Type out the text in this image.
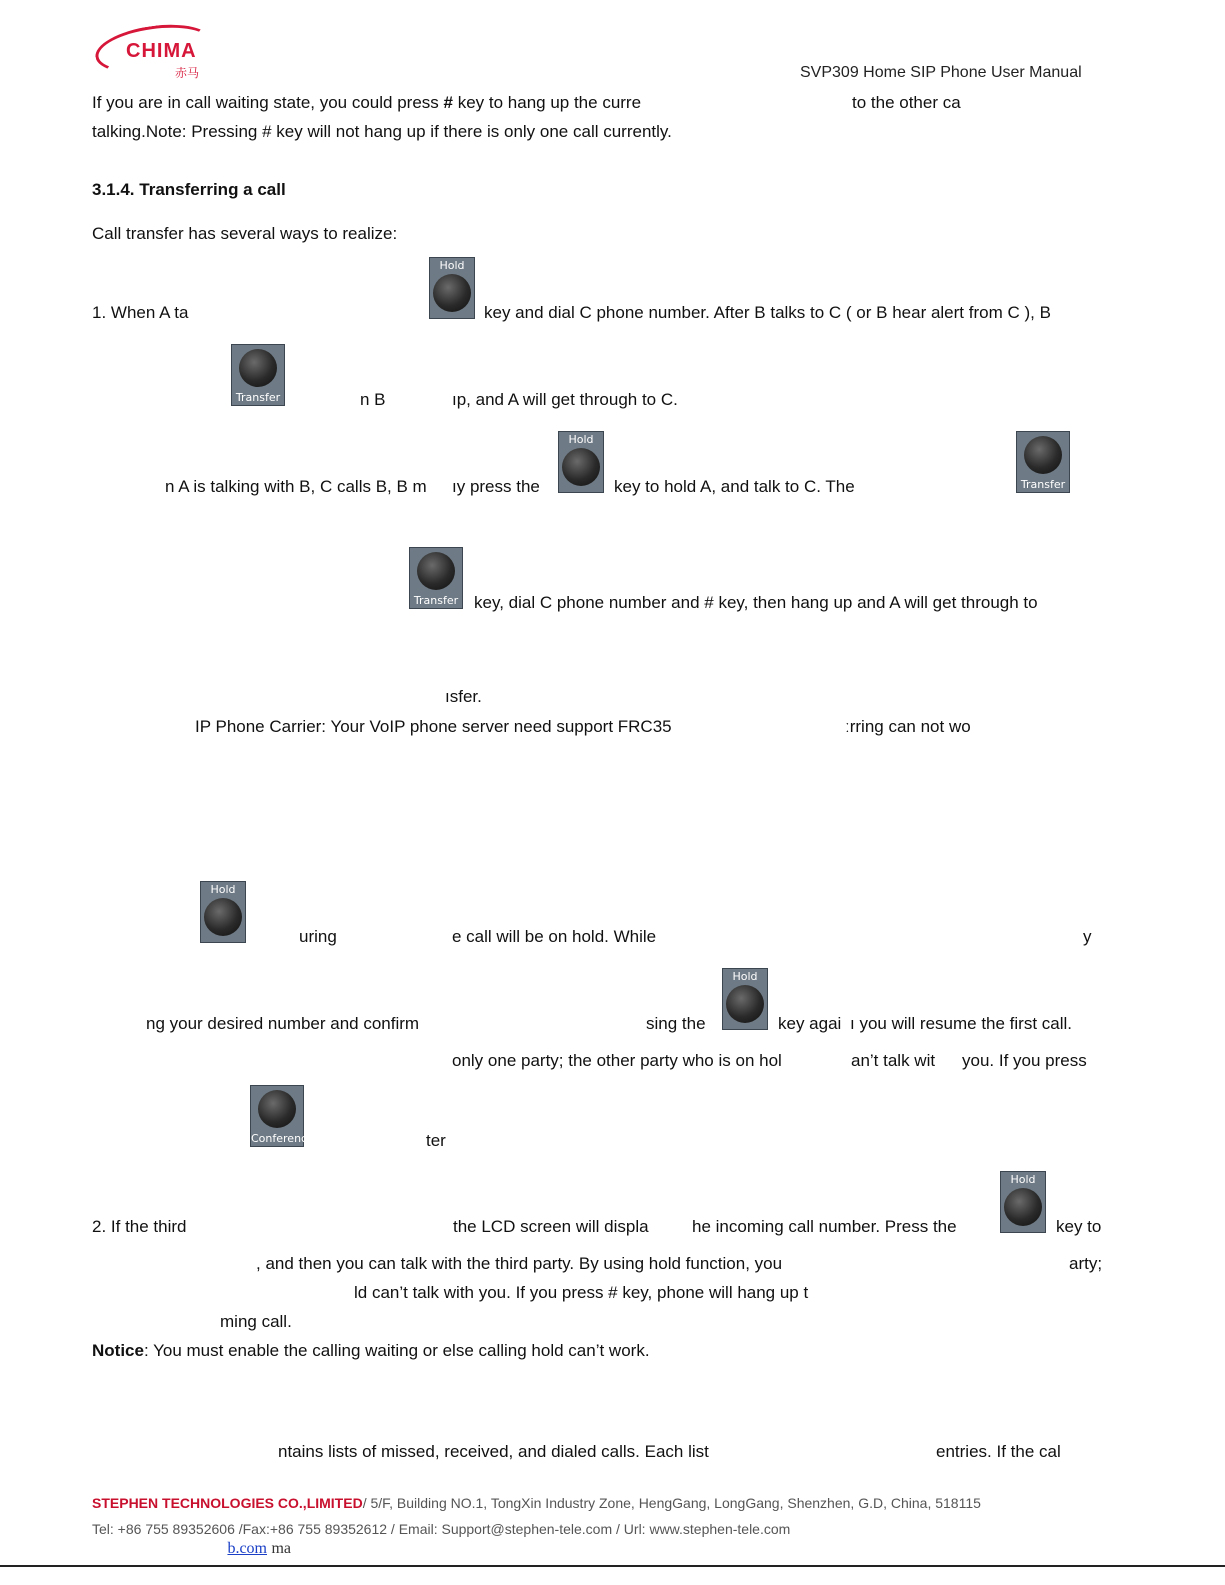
CHIMA
赤马	SVP309 Home SIP Phone User Manual
If you are in call waiting state, you could press # key to hang up the curre	to the other ca
talking.Note: Pressing # key will not hang up if there is only one call currently.
3.1.4. Transferring a call
Call transfer has several ways to realize:
1. When A ta
Hold
key and dial C phone number. After B talks to C ( or B hear alert from C ), B
Transfer	n B	ıp, and A will get through to C.
n A is talking with B, C calls B, B m ıy press the
Hold
key to hold A, and talk to C. The	Transfer
Transfer key, dial C phone number and # key, then hang up and A will get through to
ısfer.
IP Phone Carrier: Your VoIP phone server need support FRC35	ːrring can not wo
Hold
uring	e call will be on hold. While	y
ng your desired number and confirm	sing the
Hold
key agai ı you will resume the first call.
only one party; the other party who is on hol	an’t talk wit you. If you press
Conference	ter
2. If the third	the LCD screen will displa	he incoming call number. Press the
Hold
key to
, and then you can talk with the third party. By using hold function, you	arty;
ld can’t talk with you. If you press # key, phone will hang up t
ming call.
Notice: You must enable the calling waiting or else calling hold can’t work.
ntains lists of missed, received, and dialed calls. Each list	entries. If the cal
STEPHEN TECHNOLOGIES CO.,LIMITED/ 5/F, Building NO.1, TongXin Industry Zone, HengGang, LongGang, Shenzhen, G.D, China, 518115
Tel: +86 755 89352606 /Fax:+86 755 89352612 / Email: Support@stephen-tele.com / Url: www.stephen-tele.com
b.com ma
